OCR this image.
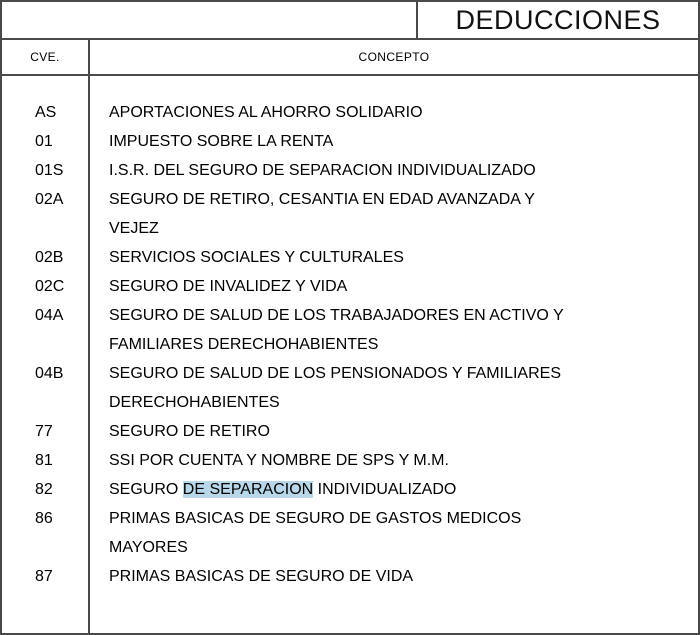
DEDUCCIONES
CVE.	CONCEPTO
AS
01
01S
02A
02B
02C
04A
04B
77
81
82
86
87
APORTACIONES AL AHORRO SOLIDARIO
IMPUESTO SOBRE LA RENTA
I.S.R. DEL SEGURO DE SEPARACION INDIVIDUALIZADO
SEGURO DE RETIRO, CESANTIA EN EDAD AVANZADA Y
VEJEZ
SERVICIOS SOCIALES Y CULTURALES
SEGURO DE INVALIDEZ Y VIDA
SEGURO DE SALUD DE LOS TRABAJADORES EN ACTIVO Y
FAMILIARES DERECHOHABIENTES
SEGURO DE SALUD DE LOS PENSIONADOS Y FAMILIARES
DERECHOHABIENTES
SEGURO DE RETIRO
SSI POR CUENTA Y NOMBRE DE SPS Y M.M.
SEGURO DE SEPARACION INDIVIDUALIZADO
PRIMAS BASICAS DE SEGURO DE GASTOS MEDICOS
MAYORES
PRIMAS BASICAS DE SEGURO DE VIDA
